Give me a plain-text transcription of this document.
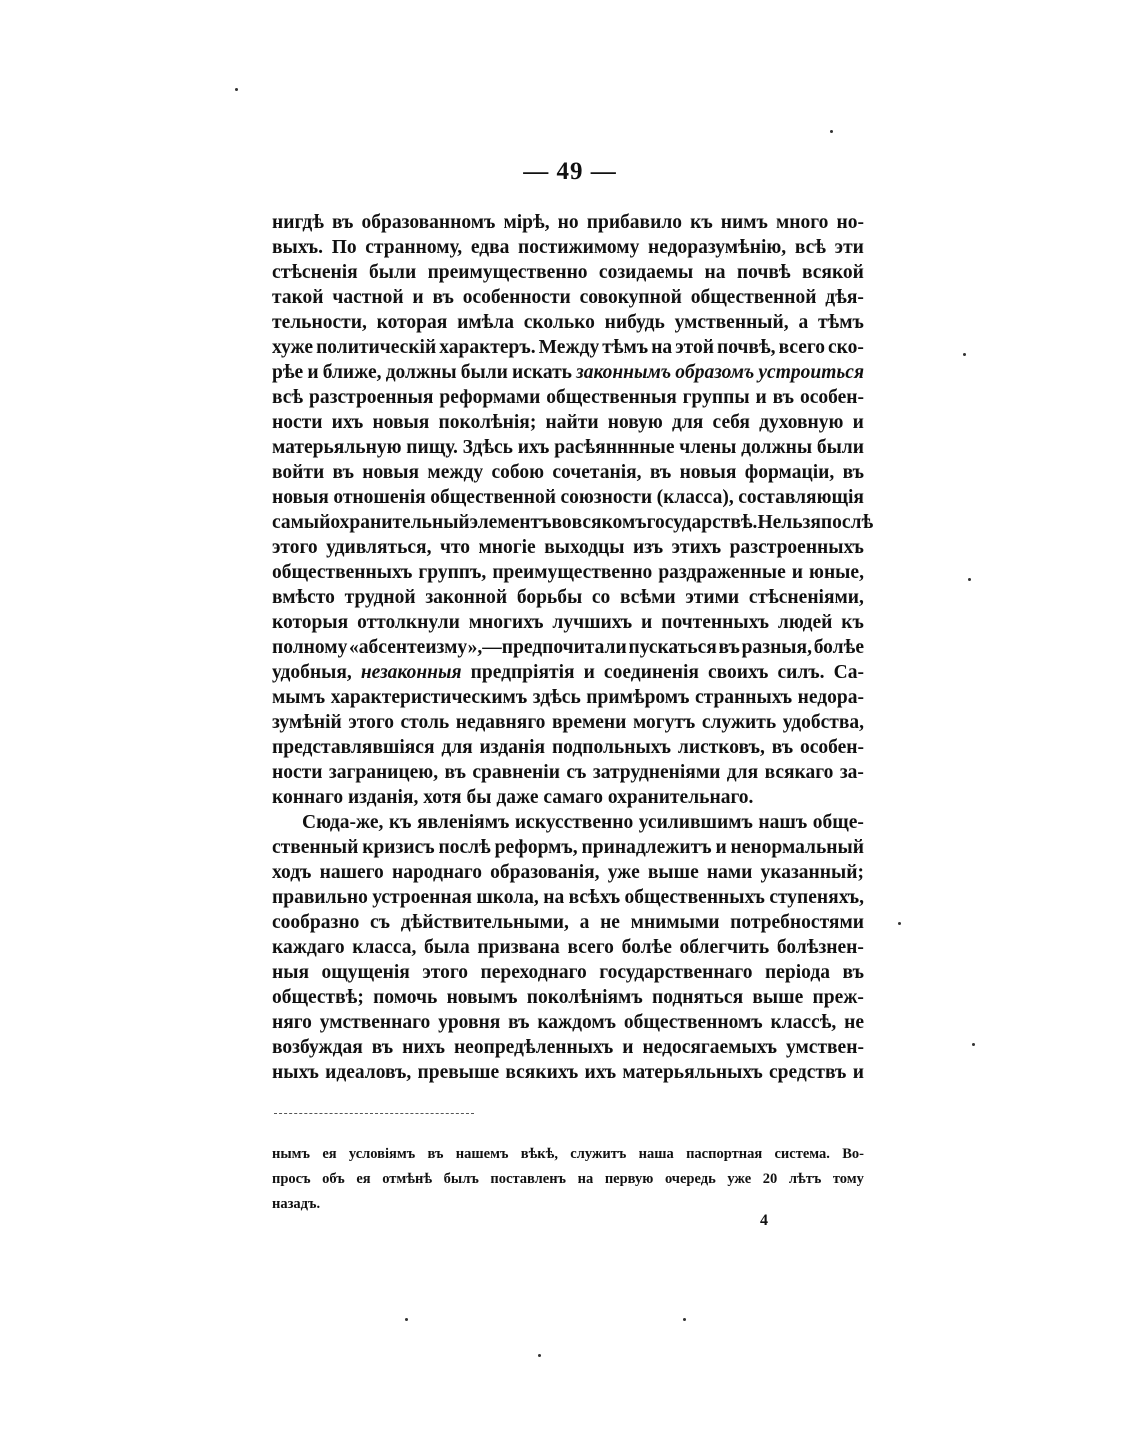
— 49 —
нигдѣ въ образованномъ мірѣ, но прибавило къ нимъ много но-
выхъ. По странному, едва постижимому недоразумѣнію, всѣ эти
стѣсненія были преимущественно созидаемы на почвѣ всякой
такой частной и въ особенности совокупной общественной дѣя-
тельности, которая имѣла сколько нибудь умственный, а тѣмъ
хуже политическій характеръ. Между тѣмъ на этой почвѣ, всего ско-
рѣе и ближе, должны были искать законнымъ образомъ устроиться
всѣ разстроенныя реформами общественныя группы и въ особен-
ности ихъ новыя поколѣнія; найти новую для себя духовную и
матерьяльную пищу. Здѣсь ихъ расѣянннные члены должны были
войти въ новыя между собою сочетанія, въ новыя формаціи, въ
новыя отношенія общественной союзности (класса), составляющія
самый охранительный элементъ во всякомъ государствѣ. Нельзя послѣ
этого удивляться, что многіе выходцы изъ этихъ разстроенныхъ
общественныхъ группъ, преимущественно раздраженные и юные,
вмѣсто трудной законной борьбы со всѣми этими стѣсненіями,
которыя оттолкнули многихъ лучшихъ и почтенныхъ людей къ
полному «абсентеизму»,—предпочитали пускаться въ разныя, болѣе
удобныя, незаконныя предпріятія и соединенія своихъ силъ. Са-
мымъ характеристическимъ здѣсь примѣромъ странныхъ недора-
зумѣній этого столь недавняго времени могутъ служить удобства,
представлявшіяся для изданія подпольныхъ листковъ, въ особен-
ности заграницею, въ сравненіи съ затрудненіями для всякаго за-
коннаго изданія, хотя бы даже самаго охранительнаго.
Сюда-же, къ явленіямъ искусственно усилившимъ нашъ обще-
ственный кризисъ послѣ реформъ, принадлежитъ и ненормальный
ходъ нашего народнаго образованія, уже выше нами указанный;
правильно устроенная школа, на всѣхъ общественныхъ ступеняхъ,
сообразно съ дѣйствительными, а не мнимыми потребностями
каждаго класса, была призвана всего болѣе облегчить болѣзнен-
ныя ощущенія этого переходнаго государственнаго періода въ
обществѣ; помочь новымъ поколѣніямъ подняться выше преж-
няго умственнаго уровня въ каждомъ общественномъ классѣ, не
возбуждая въ нихъ неопредѣленныхъ и недосягаемыхъ умствен-
ныхъ идеаловъ, превыше всякихъ ихъ матерьяльныхъ средствъ и
нымъ ея условіямъ въ нашемъ вѣкѣ, служитъ наша паспортная система. Во-
просъ объ ея отмѣнѣ былъ поставленъ на первую очередь уже 20 лѣтъ тому
назадъ.
4
